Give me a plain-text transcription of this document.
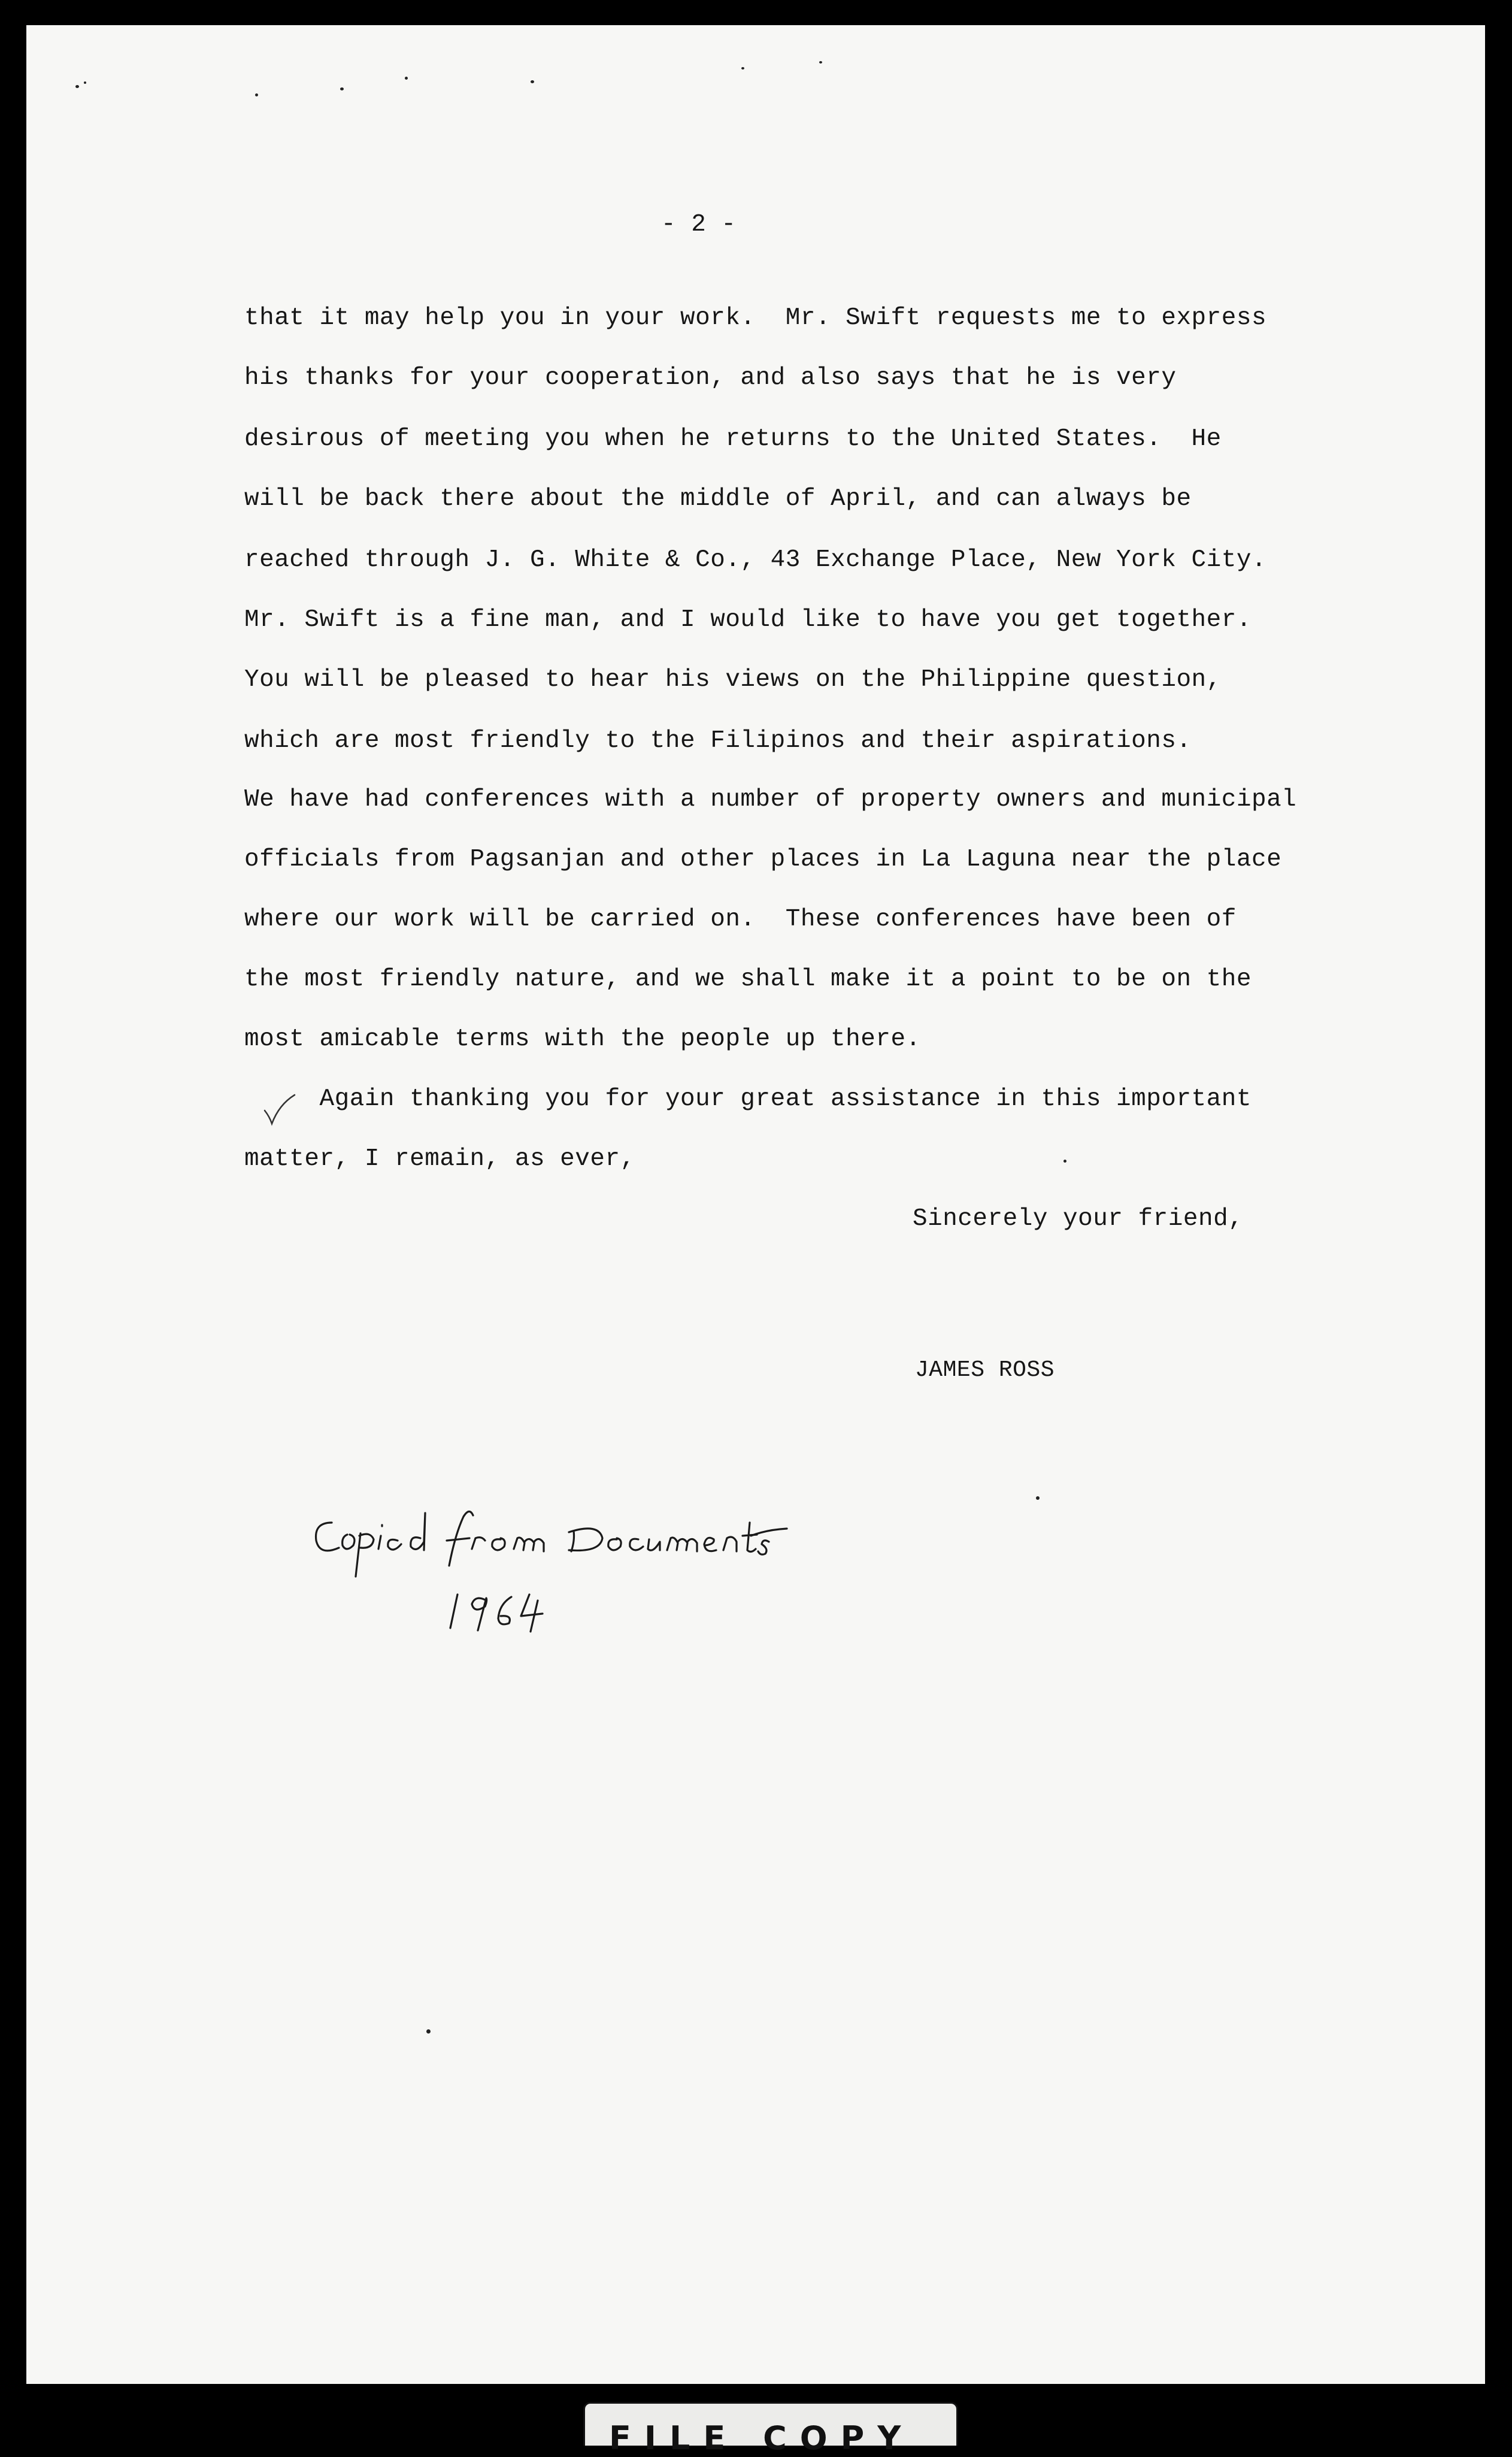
- 2 -
that it may help you in your work.  Mr. Swift requests me to express
his thanks for your cooperation, and also says that he is very
desirous of meeting you when he returns to the United States.  He
will be back there about the middle of April, and can always be
reached through J. G. White & Co., 43 Exchange Place, New York City.
Mr. Swift is a fine man, and I would like to have you get together.
You will be pleased to hear his views on the Philippine question,
which are most friendly to the Filipinos and their aspirations.
We have had conferences with a number of property owners and municipal
officials from Pagsanjan and other places in La Laguna near the place
where our work will be carried on.  These conferences have been of
the most friendly nature, and we shall make it a point to be on the
most amicable terms with the people up there.
Again thanking you for your great assistance in this important
matter, I remain, as ever,
Sincerely your friend,
JAMES ROSS
FILE COPY
